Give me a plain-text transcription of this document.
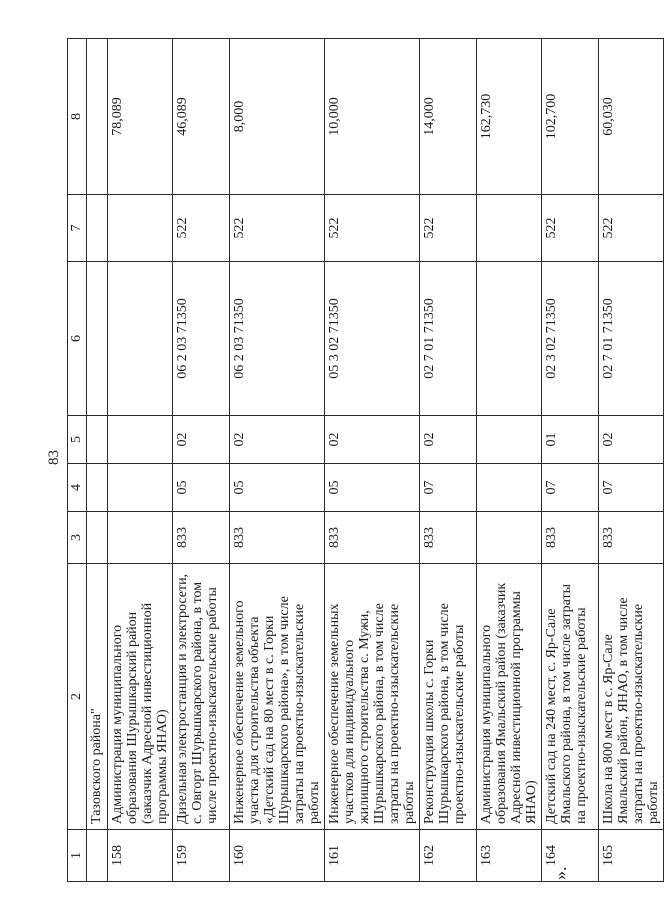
83
1	2	3	4	5	6	7	8
	Тазовского района"						
158	Администрация муниципального образования Шурышкарский район (заказчик Адресной инвестиционной программы ЯНАО)						78,089
159	Дизельная электростанция и электросети, с. Овгорт Шурышкарского района, в том числе проектно-изыскательские работы	833	05	02	06 2 03 71350	522	46,089
160	Инженерное обеспечение земельного участка для строительства объекта «Детский сад на 80 мест в с. Горки Шурышкарского района», в том числе затраты на проектно-изыскательские работы	833	05	02	06 2 03 71350	522	8,000
161	Инженерное обеспечение земельных участков для индивидуального жилищного строительства с. Мужи, Шурышкарского района, в том числе затраты на проектно-изыскательские работы	833	05	02	05 3 02 71350	522	10,000
162	Реконструкция школы с. Горки Шурышкарского района, в том числе проектно-изыскательские работы	833	07	02	02 7 01 71350	522	14,000
163	Администрация муниципального образования Ямальский район (заказчик Адресной инвестиционной программы ЯНАО)						162,730
164	Детский сад на 240 мест, с. Яр-Сале Ямальского района, в том числе затраты на проектно-изыскательские работы	833	07	01	02 3 02 71350	522	102,700
165	Школа на 800 мест в с. Яр-Сале Ямальский район, ЯНАО, в том числе затраты на проектно-изыскательские работы	833	07	02	02 7 01 71350	522	60,030
».
